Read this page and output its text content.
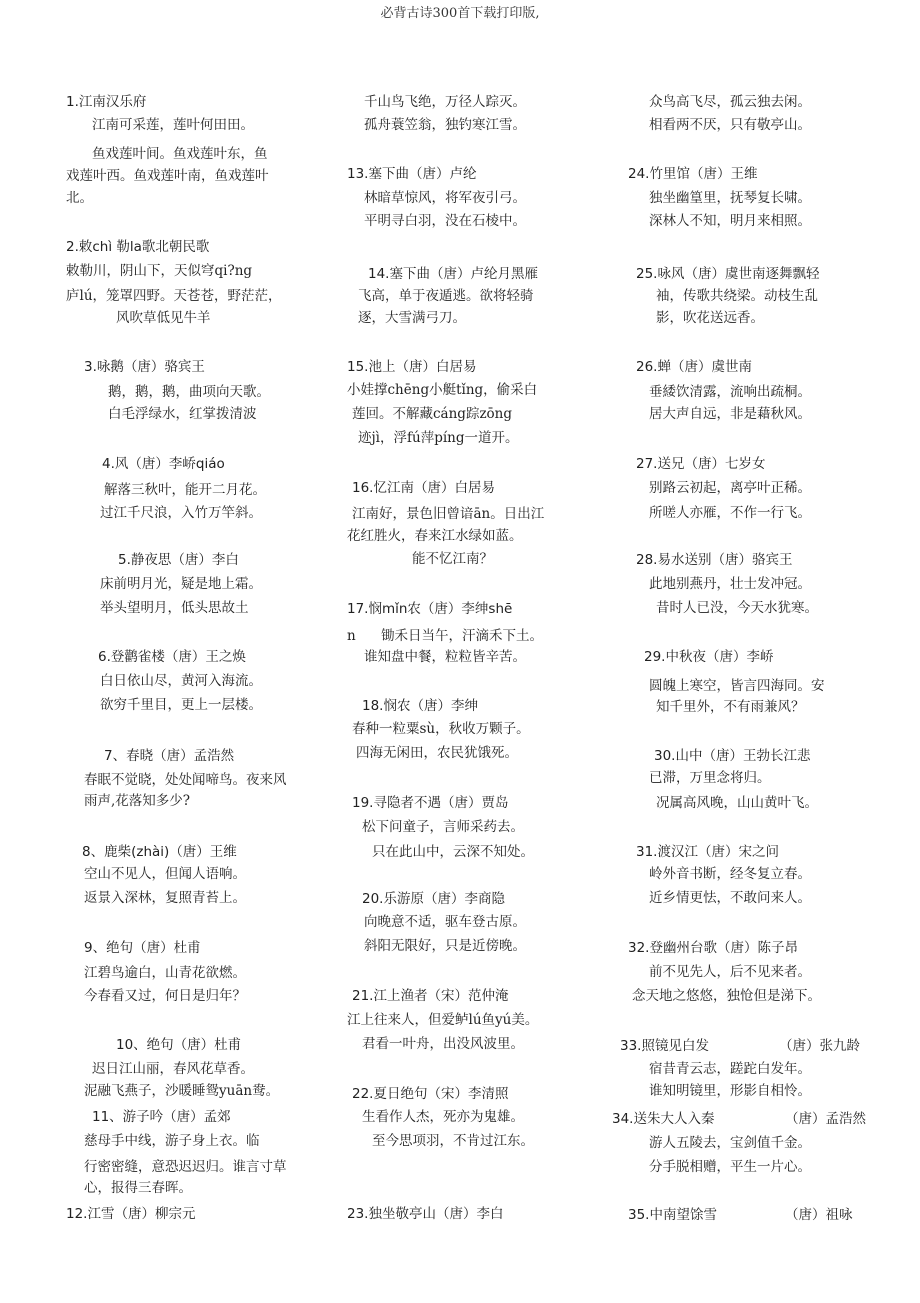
必背古诗300首下载打印版,
1.江南汉乐府
江南可采莲，莲叶何田田。
鱼戏莲叶间。鱼戏莲叶东，鱼
戏莲叶西。鱼戏莲叶南，鱼戏莲叶
北。
2.敕chì 勒la歌北朝民歌
敕勒川，阴山下，天似穹qi?ng
庐lú，笼罩四野。天苍苍，野茫茫，
风吹草低见牛羊
3.咏鹅（唐）骆宾王
鹅，鹅，鹅，曲项向天歌。
白毛浮绿水，红掌拨清波
4.风（唐）李峤qiáo
解落三秋叶，能开二月花。
过江千尺浪，入竹万竿斜。
5.静夜思（唐）李白
床前明月光，疑是地上霜。
举头望明月，低头思故土
6.登鹳雀楼（唐）王之焕
白日依山尽，黄河入海流。
欲穷千里目，更上一层楼。
7、春晓（唐）孟浩然
春眠不觉晓，处处闻啼鸟。夜来风
雨声,花落知多少?
8、鹿柴(zhài)（唐）王维
空山不见人，但闻人语响。
返景入深林，复照青苔上。
9、绝句（唐）杜甫
江碧鸟逾白，山青花欲燃。
今春看又过，何日是归年？
10、绝句（唐）杜甫
迟日江山丽，春风花草香。
泥融飞燕子，沙暖睡鸳yuān鸯。
11、游子吟（唐）孟郊
慈母手中线，游子身上衣。临
行密密缝，意恐迟迟归。谁言寸草
心，报得三春晖。
12.江雪（唐）柳宗元
千山鸟飞绝，万径人踪灭。
孤舟蓑笠翁，独钓寒江雪。
13.塞下曲（唐）卢纶
林暗草惊风，将军夜引弓。
平明寻白羽，没在石棱中。
14.塞下曲（唐）卢纶月黑雁
飞高，单于夜遁逃。欲将轻骑
逐，大雪满弓刀。
15.池上（唐）白居易
小娃撑chēng小艇tǐng，偷采白
莲回。不解藏cáng踪zōng
迹jì，浮fú萍píng一道开。
16.忆江南（唐）白居易
江南好，景色旧曾谙ān。日出江
花红胜火，春来江水绿如蓝。
能不忆江南？
17.悯mǐn农（唐）李绅shē
n 锄禾日当午，汗滴禾下土。
谁知盘中餐，粒粒皆辛苦。
18.悯农（唐）李绅
春种一粒粟sù，秋收万颗子。
四海无闲田，农民犹饿死。
19.寻隐者不遇（唐）贾岛
松下问童子，言师采药去。
只在此山中，云深不知处。
20.乐游原（唐）李商隐
向晚意不适，驱车登古原。
斜阳无限好，只是近傍晚。
21.江上渔者（宋）范仲淹
江上往来人，但爱鲈lú鱼yú美。
君看一叶舟，出没风波里。
22.夏日绝句（宋）李清照
生看作人杰，死亦为鬼雄。
至今思项羽，不肯过江东。
23.独坐敬亭山（唐）李白
众鸟高飞尽，孤云独去闲。
相看两不厌，只有敬亭山。
24.竹里馆（唐）王维
独坐幽篁里，抚琴复长啸。
深林人不知，明月来相照。
25.咏风（唐）虞世南逐舞飘轻
袖，传歌共绕梁。动枝生乱
影，吹花送远香。
26.蝉（唐）虞世南
垂緌饮清露，流响出疏桐。
居大声自远，非是藉秋风。
27.送兄（唐）七岁女
别路云初起，离亭叶正稀。
所嗟人亦雁，不作一行飞。
28.易水送别（唐）骆宾王
此地别燕丹，壮士发冲冠。
昔时人已没，今天水犹寒。
29.中秋夜（唐）李峤
圆魄上寒空，皆言四海同。安
知千里外，不有雨兼风？
30.山中（唐）王勃长江悲
已滞，万里念将归。
况属高风晚，山山黄叶飞。
31.渡汉江（唐）宋之问
岭外音书断，经冬复立春。
近乡情更怯，不敢问来人。
32.登幽州台歌（唐）陈子昂
前不见先人，后不见来者。
念天地之悠悠，独怆但是涕下。
33.照镜见白发	（唐）张九龄
宿昔青云志，蹉跎白发年。
谁知明镜里，形影自相怜。
34.送朱大人入秦	（唐）孟浩然
游人五陵去，宝剑值千金。
分手脱相赠，平生一片心。
35.中南望馀雪	（唐）祖咏
